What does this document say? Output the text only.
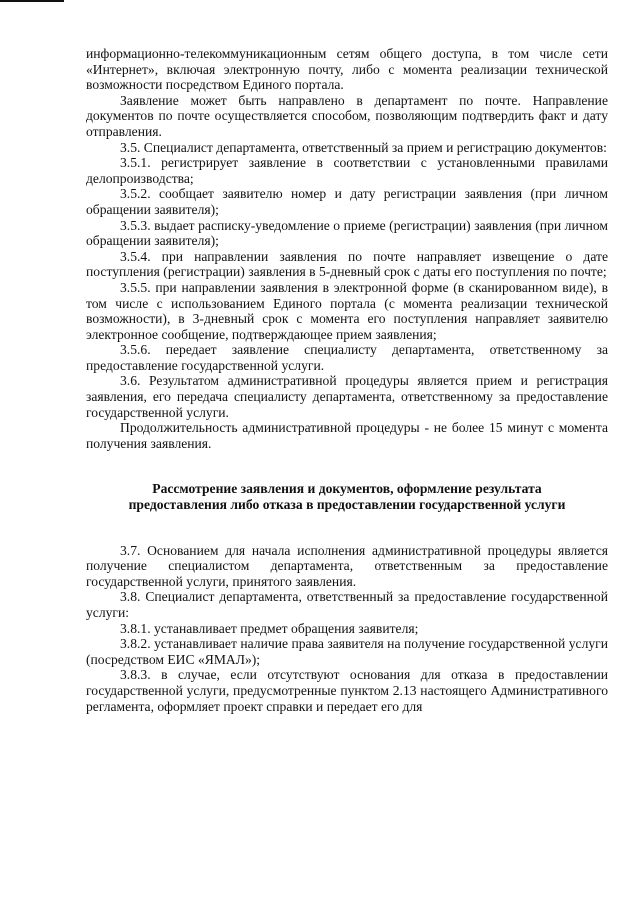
информационно-телекоммуникационным сетям общего доступа, в том числе сети «Интернет», включая электронную почту, либо с момента реализации технической возможности посредством Единого портала.

Заявление может быть направлено в департамент по почте. Направление документов по почте осуществляется способом, позволяющим подтвердить факт и дату отправления.

3.5. Специалист департамента, ответственный за прием и регистрацию документов:

3.5.1. регистрирует заявление в соответствии с установленными правилами делопроизводства;

3.5.2. сообщает заявителю номер и дату регистрации заявления (при личном обращении заявителя);

3.5.3. выдает расписку-уведомление о приеме (регистрации) заявления (при личном обращении заявителя);

3.5.4. при направлении заявления по почте направляет извещение о дате поступления (регистрации) заявления в 5-дневный срок с даты его поступления по почте;

3.5.5. при направлении заявления в электронной форме (в сканированном виде), в том числе с использованием Единого портала (с момента реализации технической возможности), в 3-дневный срок с момента его поступления направляет заявителю электронное сообщение, подтверждающее прием заявления;

3.5.6. передает заявление специалисту департамента, ответственному за предоставление государственной услуги.

3.6. Результатом административной процедуры является прием и регистрация заявления, его передача специалисту департамента, ответственному за предоставление государственной услуги.

Продолжительность административной процедуры - не более 15 минут с момента получения заявления.

Рассмотрение заявления и документов, оформление результата предоставления либо отказа в предоставлении государственной услуги

3.7. Основанием для начала исполнения административной процедуры является получение специалистом департамента, ответственным за предоставление государственной услуги, принятого заявления.

3.8. Специалист департамента, ответственный за предоставление государственной услуги:

3.8.1. устанавливает предмет обращения заявителя;

3.8.2. устанавливает наличие права заявителя на получение государственной услуги (посредством ЕИС «ЯМАЛ»);

3.8.3. в случае, если отсутствуют основания для отказа в предоставлении государственной услуги, предусмотренные пунктом 2.13 настоящего Административного регламента, оформляет проект справки и передает его для
